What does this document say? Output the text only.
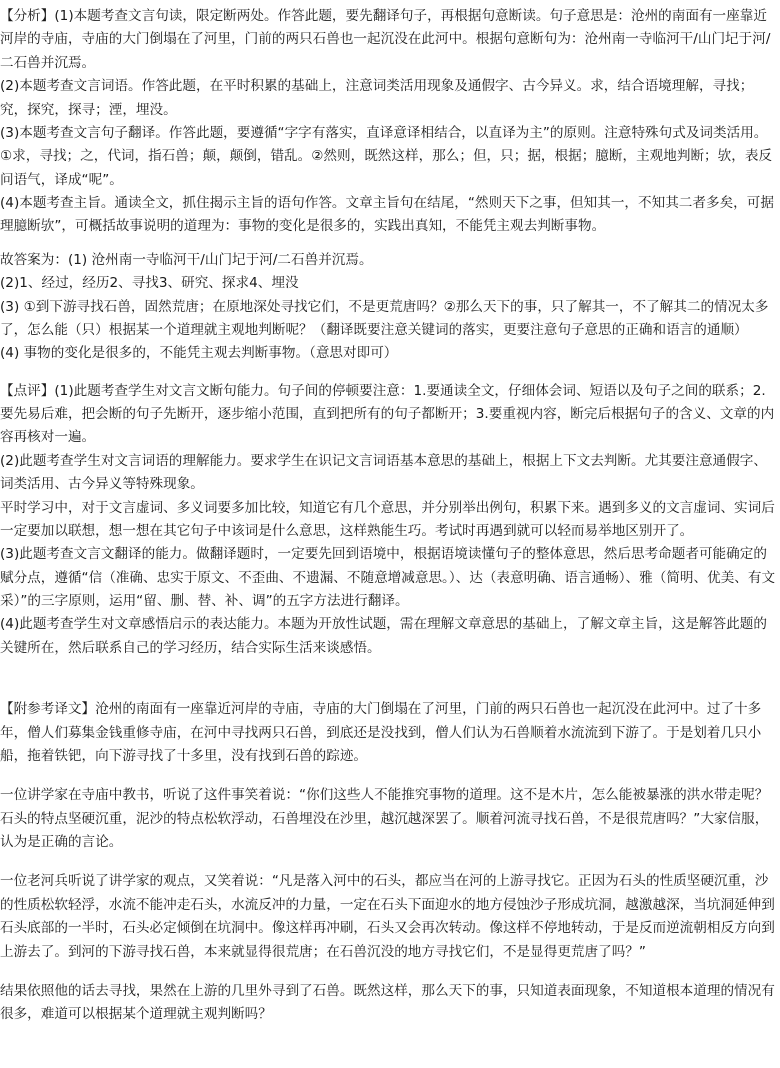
【分析】(1)本题考查文言句读，限定断两处。作答此题，要先翻译句子，再根据句意断读。句子意思是：沧州的南面有一座靠近河岸的寺庙，寺庙的大门倒塌在了河里，门前的两只石兽也一起沉没在此河中。根据句意断句为：沧州南一寺临河干/山门圮于河/二石兽并沉焉。

(2)本题考查文言词语。作答此题，在平时积累的基础上，注意词类活用现象及通假字、古今异义。求，结合语境理解，寻找；究，探究，探寻；湮，埋没。

(3)本题考查文言句子翻译。作答此题，要遵循“字字有落实，直译意译相结合，以直译为主”的原则。注意特殊句式及词类活用。①求，寻找；之，代词，指石兽；颠，颠倒，错乱。②然则，既然这样，那么；但，只；据，根据；臆断，主观地判断；欤，表反问语气，译成“呢”。

(4)本题考查主旨。通读全文，抓住揭示主旨的语句作答。文章主旨句在结尾，“然则天下之事，但知其一，不知其二者多矣，可据理臆断欤”，可概括故事说明的道理为：事物的变化是很多的，实践出真知，不能凭主观去判断事物。

故答案为：(1) 沧州南一寺临河干/山门圮于河/二石兽并沉焉。

(2)1、经过，经历2、寻找3、研究、探求4、埋没

(3) ①到下游寻找石兽，固然荒唐；在原地深处寻找它们，不是更荒唐吗？②那么天下的事，只了解其一，不了解其二的情况太多了，怎么能（只）根据某一个道理就主观地判断呢？（翻译既要注意关键词的落实，更要注意句子意思的正确和语言的通顺）

(4) 事物的变化是很多的，不能凭主观去判断事物。（意思对即可）

【点评】(1)此题考查学生对文言文断句能力。句子间的停顿要注意：1.要通读全文，仔细体会词、短语以及句子之间的联系；2.要先易后难，把会断的句子先断开，逐步缩小范围，直到把所有的句子都断开；3.要重视内容，断完后根据句子的含义、文章的内容再核对一遍。

(2)此题考查学生对文言词语的理解能力。要求学生在识记文言词语基本意思的基础上，根据上下文去判断。尤其要注意通假字、词类活用、古今异义等特殊现象。

平时学习中，对于文言虚词、多义词要多加比较，知道它有几个意思，并分别举出例句，积累下来。遇到多义的文言虚词、实词后一定要加以联想，想一想在其它句子中该词是什么意思，这样熟能生巧。考试时再遇到就可以轻而易举地区别开了。

(3)此题考查文言文翻译的能力。做翻译题时，一定要先回到语境中，根据语境读懂句子的整体意思，然后思考命题者可能确定的赋分点，遵循“信（准确、忠实于原文、不歪曲、不遗漏、不随意增减意思。）、达（表意明确、语言通畅）、雅（简明、优美、有文采）”的三字原则，运用“留、删、替、补、调”的五字方法进行翻译。

(4)此题考查学生对文章感悟启示的表达能力。本题为开放性试题，需在理解文章意思的基础上，了解文章主旨，这是解答此题的关键所在，然后联系自己的学习经历，结合实际生活来谈感悟。

【附参考译文】沧州的南面有一座靠近河岸的寺庙，寺庙的大门倒塌在了河里，门前的两只石兽也一起沉没在此河中。过了十多年，僧人们募集金钱重修寺庙，在河中寻找两只石兽，到底还是没找到，僧人们认为石兽顺着水流流到下游了。于是划着几只小船，拖着铁钯，向下游寻找了十多里，没有找到石兽的踪迹。

一位讲学家在寺庙中教书，听说了这件事笑着说：“你们这些人不能推究事物的道理。这不是木片，怎么能被暴涨的洪水带走呢？石头的特点坚硬沉重，泥沙的特点松软浮动，石兽埋没在沙里，越沉越深罢了。顺着河流寻找石兽，不是很荒唐吗？”大家信服，认为是正确的言论。

一位老河兵听说了讲学家的观点，又笑着说：“凡是落入河中的石头，都应当在河的上游寻找它。正因为石头的性质坚硬沉重，沙的性质松软轻浮，水流不能冲走石头，水流反冲的力量，一定在石头下面迎水的地方侵蚀沙子形成坑洞，越激越深，当坑洞延伸到石头底部的一半时，石头必定倾倒在坑洞中。像这样再冲刷，石头又会再次转动。像这样不停地转动，于是反而逆流朝相反方向到上游去了。到河的下游寻找石兽，本来就显得很荒唐；在石兽沉没的地方寻找它们，不是显得更荒唐了吗？”

结果依照他的话去寻找，果然在上游的几里外寻到了石兽。既然这样，那么天下的事，只知道表面现象，不知道根本道理的情况有很多，难道可以根据某个道理就主观判断吗？
